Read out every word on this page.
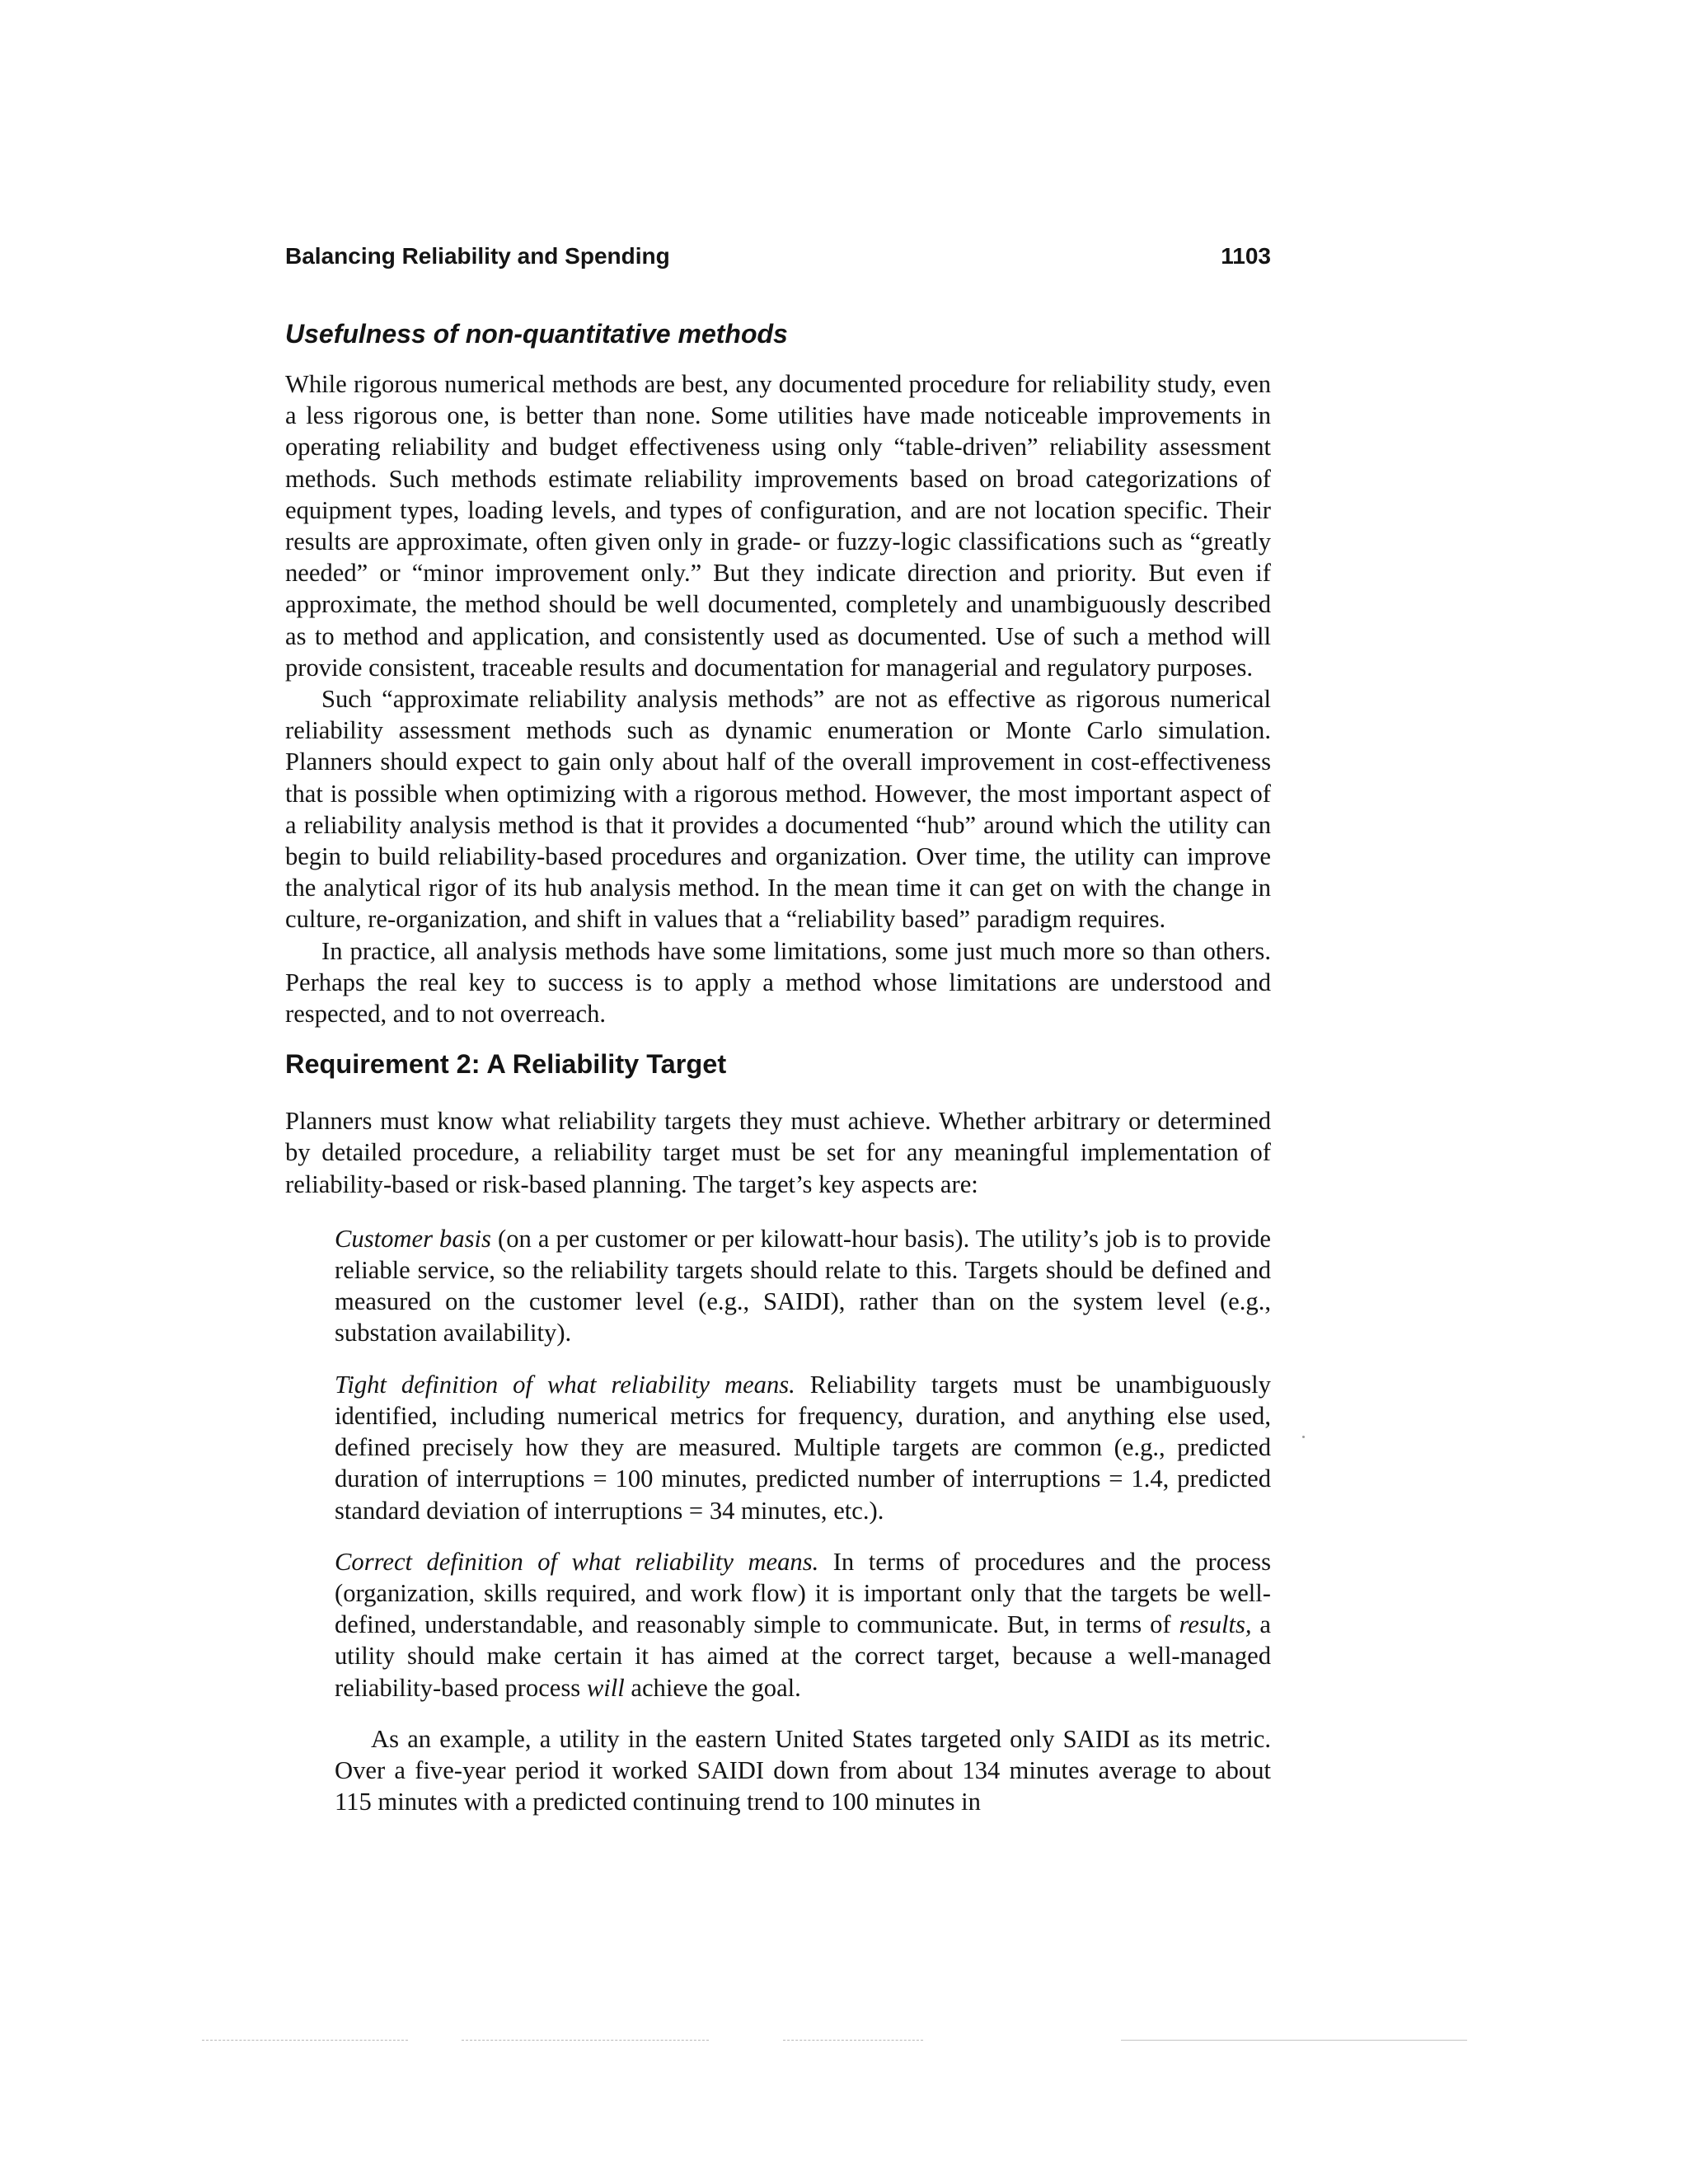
Balancing Reliability and Spending	1103
Usefulness of non-quantitative methods

While rigorous numerical methods are best, any documented procedure for reliability study, even a less rigorous one, is better than none. Some utilities have made noticeable improvements in operating reliability and budget effectiveness using only “table-driven” reliability assessment methods. Such methods estimate reliability improvements based on broad categorizations of equipment types, loading levels, and types of configuration, and are not location specific. Their results are approximate, often given only in grade- or fuzzy-logic classifications such as “greatly needed” or “minor improvement only.” But they indicate direction and priority. But even if approximate, the method should be well documented, completely and unambiguously described as to method and application, and consistently used as documented. Use of such a method will provide consistent, traceable results and documentation for managerial and regulatory purposes.

Such “approximate reliability analysis methods” are not as effective as rigorous numerical reliability assessment methods such as dynamic enumeration or Monte Carlo simulation. Planners should expect to gain only about half of the overall improvement in cost-effectiveness that is possible when optimizing with a rigorous method. However, the most important aspect of a reliability analysis method is that it provides a documented “hub” around which the utility can begin to build reliability-based procedures and organization. Over time, the utility can improve the analytical rigor of its hub analysis method. In the mean time it can get on with the change in culture, re-organization, and shift in values that a “reliability based” paradigm requires.

In practice, all analysis methods have some limitations, some just much more so than others. Perhaps the real key to success is to apply a method whose limitations are understood and respected, and to not overreach.

Requirement 2: A Reliability Target

Planners must know what reliability targets they must achieve. Whether arbitrary or determined by detailed procedure, a reliability target must be set for any meaningful implementation of reliability-based or risk-based planning. The target’s key aspects are:

Customer basis (on a per customer or per kilowatt-hour basis). The utility’s job is to provide reliable service, so the reliability targets should relate to this. Targets should be defined and measured on the customer level (e.g., SAIDI), rather than on the system level (e.g., substation availability).

Tight definition of what reliability means. Reliability targets must be unambiguously identified, including numerical metrics for frequency, duration, and anything else used, defined precisely how they are measured. Multiple targets are common (e.g., predicted duration of interruptions = 100 minutes, predicted number of interruptions = 1.4, predicted standard deviation of interruptions = 34 minutes, etc.).

Correct definition of what reliability means. In terms of procedures and the process (organization, skills required, and work flow) it is important only that the targets be well-defined, understandable, and reasonably simple to communicate. But, in terms of results, a utility should make certain it has aimed at the correct target, because a well-managed reliability-based process will achieve the goal.

As an example, a utility in the eastern United States targeted only SAIDI as its metric. Over a five-year period it worked SAIDI down from about 134 minutes average to about 115 minutes with a predicted continuing trend to 100 minutes in
